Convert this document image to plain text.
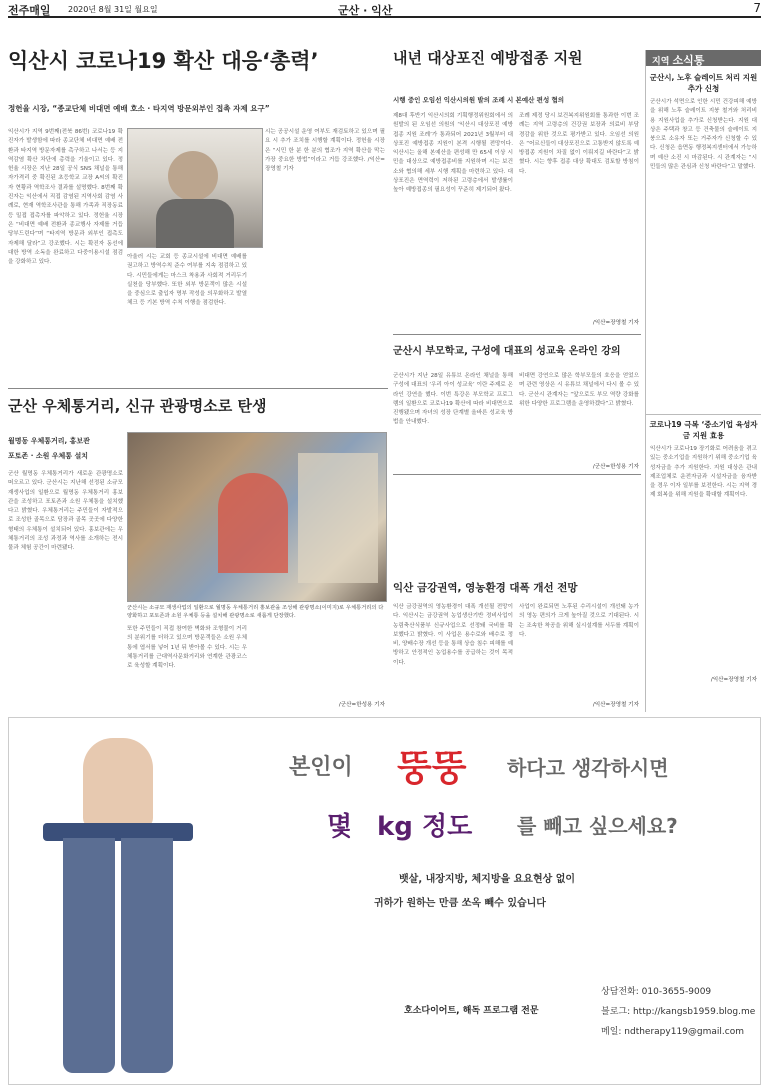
전주매일 2020년 8월 31일 월요일	군산 · 익산	7
익산시 코로나19 확산 대응‘총력’
정헌율 시장, “종교단체 비대면 예배 호소 · 타지역 방문외부인 접촉 자제 요구”
익산시가 지역 9번째(전북 86번) 코로나19 확진자가 발생함에 따라 종교단체 비대면 예배 전환과 타지역 방문자제를 촉구하고 나서는 등 지역감염 확산 차단에 총력을 기울이고 있다. 정헌율 시장은 지난 28일 공식 SNS 채널을 통해 자가격리 중 확진된 초등학교 교장 A씨의 확진자 현황과 역학조사 결과를 설명했다. 8번째 확진자는 익산에서 직접 감염된 지역사회 감염 사례로, 현재 역학조사관을 통해 가족과 직장동료 등 밀접 접촉자를 파악하고 있다. 정헌율 시장은 “비대면 예배 전환과 종교행사 자제를 거듭 당부드린다”며 “타지역 방문과 외부인 접촉도 자제해 달라”고 강조했다. 시는 확진자 동선에 대한 방역 소독을 완료하고 다중이용시설 점검을 강화하고 있다.
아울러 시는 교회 등 종교시설에 비대면 예배를 권고하고 방역수칙 준수 여부를 지속 점검하고 있다. 시민들에게는 마스크 착용과 사회적 거리두기 실천을 당부했다. 또한 외부 방문객이 많은 시설을 중심으로 출입자 명부 작성을 의무화하고 발열 체크 등 기본 방역 수칙 이행을 점검한다.
시는 공공시설 운영 여부도 재검토하고 있으며 필요 시 추가 조치를 시행할 계획이다. 정헌율 시장은 “시민 한 분 한 분의 협조가 지역 확산을 막는 가장 중요한 방법”이라고 거듭 강조했다. /익산=장영철 기자
내년 대상포진 예방접종 지원
시행 중인 오임선 익산시의원 발의 조례 시 본예산 편성 협의
제8대 후반기 익산시의회 기획행정위원회에서 의원발의 된 오임선 의원의 ‘익산시 대상포진 예방접종 지원 조례’가 통과되어 2021년 3월부터 대상포진 예방접종 지원이 본격 시행될 전망이다. 익산시는 올해 본예산을 편성해 만 65세 이상 시민을 대상으로 예방접종비를 지원하며 시는 보건소와 협의해 세부 시행 계획을 마련하고 있다. 대상포진은 면역력이 저하된 고령층에서 발생률이 높아 예방접종의 필요성이 꾸준히 제기되어 왔다.
조례 제정 당시 보건복지위원회를 통과한 이번 조례는 지역 고령층의 건강권 보장과 의료비 부담 경감을 위한 것으로 평가받고 있다. 오임선 의원은 “어르신들이 대상포진으로 고통받지 않도록 예방접종 지원이 차질 없이 이뤄지길 바란다”고 밝혔다. 시는 향후 접종 대상 확대도 검토할 방침이다.
/익산=장영철 기자
군산시 부모학교, 구성에 대표의 성교육 온라인 강의
군산시가 지난 28일 유튜브 온라인 채널을 통해 구성에 대표의 ‘우리 아이 성교육’ 이란 주제로 온라인 강연을 했다. 이번 특강은 부모학교 프로그램의 일환으로 코로나19 확산에 따라 비대면으로 진행됐으며 자녀의 성장 단계별 올바른 성교육 방법을 안내했다.
비대면 강연으로 많은 학부모들의 호응을 얻었으며 관련 영상은 시 유튜브 채널에서 다시 볼 수 있다. 군산시 관계자는 “앞으로도 부모 역량 강화를 위한 다양한 프로그램을 운영하겠다”고 밝혔다.
/군산=한성용 기자
군산 우체통거리, 신규 관광명소로 탄생
월명동 우체통거리, 홍보관
포토존 · 소원 우체통 설치
군산 월명동 우체통거리가 새로운 관광명소로 떠오르고 있다. 군산시는 지난해 선정된 소규모 재생사업의 일환으로 월명동 우체통거리 홍보관을 조성하고 포토존과 소원 우체통을 설치했다고 밝혔다. 우체통거리는 주민들이 자발적으로 조성한 골목으로 담장과 골목 곳곳에 다양한 형태의 우체통이 설치되어 있다. 홍보관에는 우체통거리의 조성 과정과 역사를 소개하는 전시물과 체험 공간이 마련됐다.
군산시는 소규모 재생사업의 일환으로 월명동 우체통거리 홍보관을 조성해 관광명소(이미지)로 우체통거리의 다양화하고 포토존과 소원 우체통 등을 설치해 관광명소로 새롭게 단장했다.
또한 주민들이 직접 참여한 벽화와 조형물이 거리의 분위기를 더하고 있으며 방문객들은 소원 우체통에 엽서를 넣어 1년 뒤 받아볼 수 있다. 시는 우체통거리를 근대역사문화거리와 연계한 관광코스로 육성할 계획이다.
/군산=한성용 기자
익산 금강권역, 영농환경 대폭 개선 전망
익산 금강권역의 영농환경이 대폭 개선될 전망이다. 익산시는 금강권역 농업생산기반 정비사업이 농림축산식품부 신규사업으로 선정돼 국비를 확보했다고 밝혔다. 이 사업은 용수로와 배수로 정비, 양배수장 개선 등을 통해 상습 침수 피해를 예방하고 안정적인 농업용수를 공급하는 것이 목적이다.
사업이 완료되면 노후된 수리시설이 개선돼 농가의 영농 편의가 크게 높아질 것으로 기대된다. 시는 조속한 착공을 위해 실시설계를 서두를 계획이다.
/익산=장영철 기자
지역 소식통
군산시, 노후 슬레이트 처리 지원 추가 신청
군산시가 석면으로 인한 시민 건강피해 예방을 위해 노후 슬레이트 지붕 철거와 처리비용 지원사업을 추가로 신청받는다. 지원 대상은 주택과 창고 등 건축물의 슬레이트 지붕으로 소유자 또는 거주자가 신청할 수 있다. 신청은 읍면동 행정복지센터에서 가능하며 예산 소진 시 마감된다. 시 관계자는 “시민들의 많은 관심과 신청 바란다”고 말했다.
코로나19 극복 ‘중소기업 육성자금 지원 효용
익산시가 코로나19 장기화로 어려움을 겪고 있는 중소기업을 지원하기 위해 중소기업 육성자금을 추가 지원한다. 지원 대상은 관내 제조업체로 운전자금과 시설자금을 융자받을 경우 이자 일부를 보전한다. 시는 지역 경제 회복을 위해 지원을 확대할 계획이다.
/익산=장영철 기자
본인이 뚱뚱 하다고 생각하시면
몇 kg 정도 를 빼고 싶으세요?
뱃살, 내장지방, 체지방을 요요현상 없이
귀하가 원하는 만큼 쏘옥 빼수 있습니다
호소다이어트, 해독 프로그램 전문
상담전화: 010-3655-9009
블로그: http://kangsb1959.blog.me
메일: ndtherapy119@gmail.com
